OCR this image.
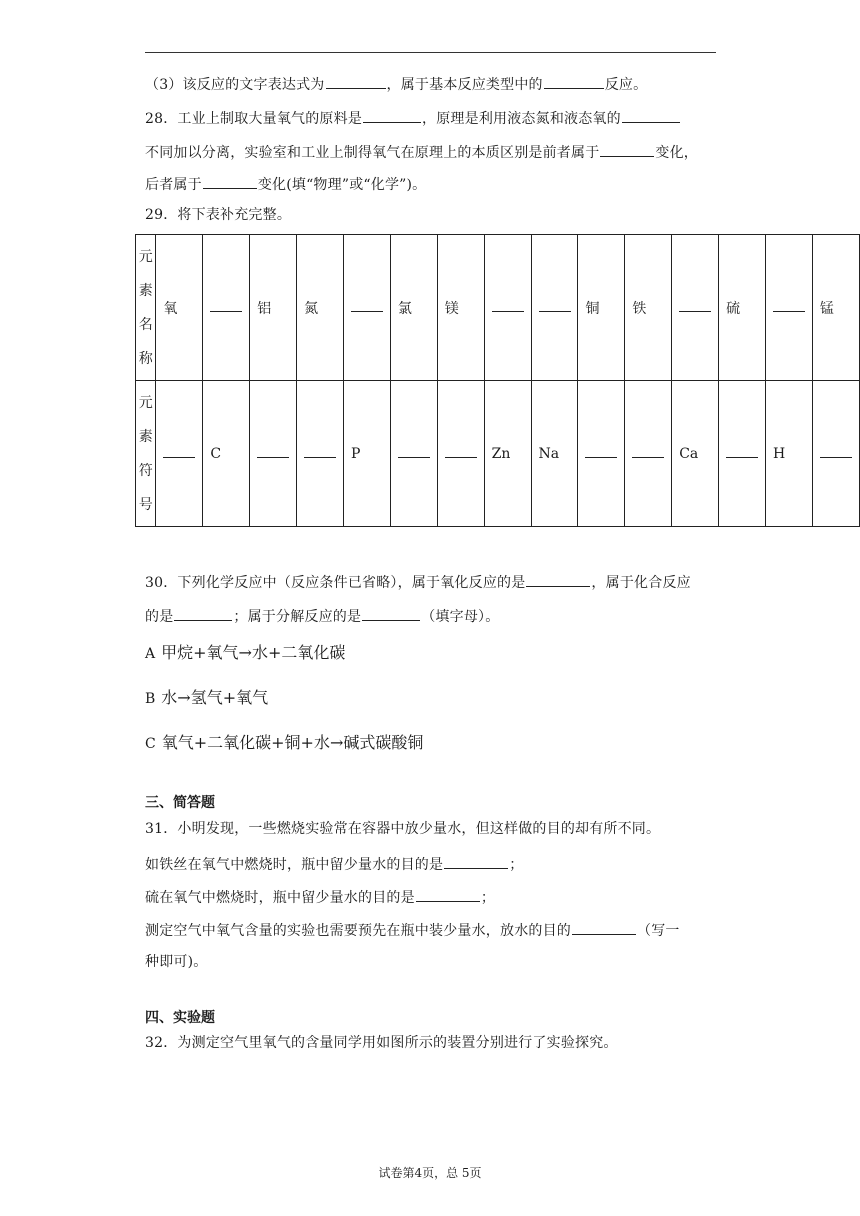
（3）该反应的文字表达式为	，属于基本反应类型中的	反应。
28．工业上制取大量氧气的原料是	，原理是利用液态氮和液态氧的
不同加以分离，实验室和工业上制得氧气在原理上的本质区别是前者属于	变化，
后者属于	变化(填“物理”或“化学”)。
29．将下表补充完整。
元
素
名
称	氧		铝	氮		氯	镁			铜	铁		硫		锰

元
素
符
号		C			P			Zn	Na			Ca		H	
30．下列化学反应中（反应条件已省略），属于氧化反应的是	，属于化合反应
的是	；属于分解反应的是	（填字母）。
A 甲烷+氧气→水+二氧化碳
B 水→氢气+氧气
C 氧气+二氧化碳+铜+水→碱式碳酸铜
三、简答题
31．小明发现，一些燃烧实验常在容器中放少量水，但这样做的目的却有所不同。
如铁丝在氧气中燃烧时，瓶中留少量水的目的是	；
硫在氧气中燃烧时，瓶中留少量水的目的是	；
测定空气中氧气含量的实验也需要预先在瓶中装少量水，放水的目的	（写一
种即可)。
四、实验题
32．为测定空气里氧气的含量同学用如图所示的装置分别进行了实验探究。
试卷第4页，总 5页
